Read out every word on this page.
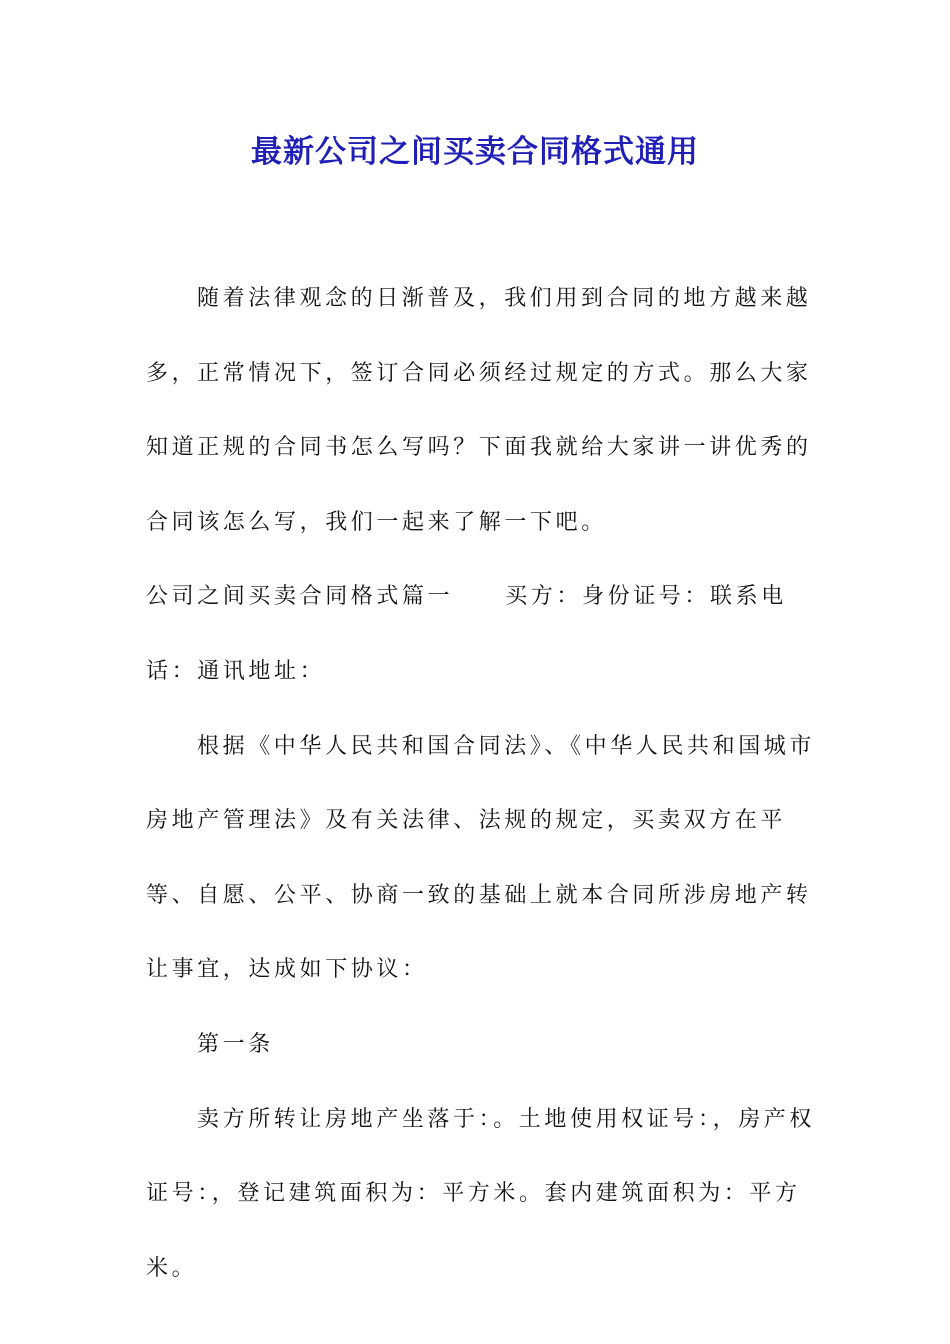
最新公司之间买卖合同格式通用

随着法律观念的日渐普及，我们用到合同的地方越来越多，正常情况下，签订合同必须经过规定的方式。那么大家知道正规的合同书怎么写吗？下面我就给大家讲一讲优秀的合同该怎么写，我们一起来了解一下吧。

公司之间买卖合同格式篇一 买方：身份证号：联系电话：通讯地址：

根据《中华人民共和国合同法》、《中华人民共和国城市房地产管理法》及有关法律、法规的规定，买卖双方在平等、自愿、公平、协商一致的基础上就本合同所涉房地产转让事宜，达成如下协议：

第一条

卖方所转让房地产坐落于：。土地使用权证号：，房产权证号：，登记建筑面积为：平方米。套内建筑面积为：平方米。
